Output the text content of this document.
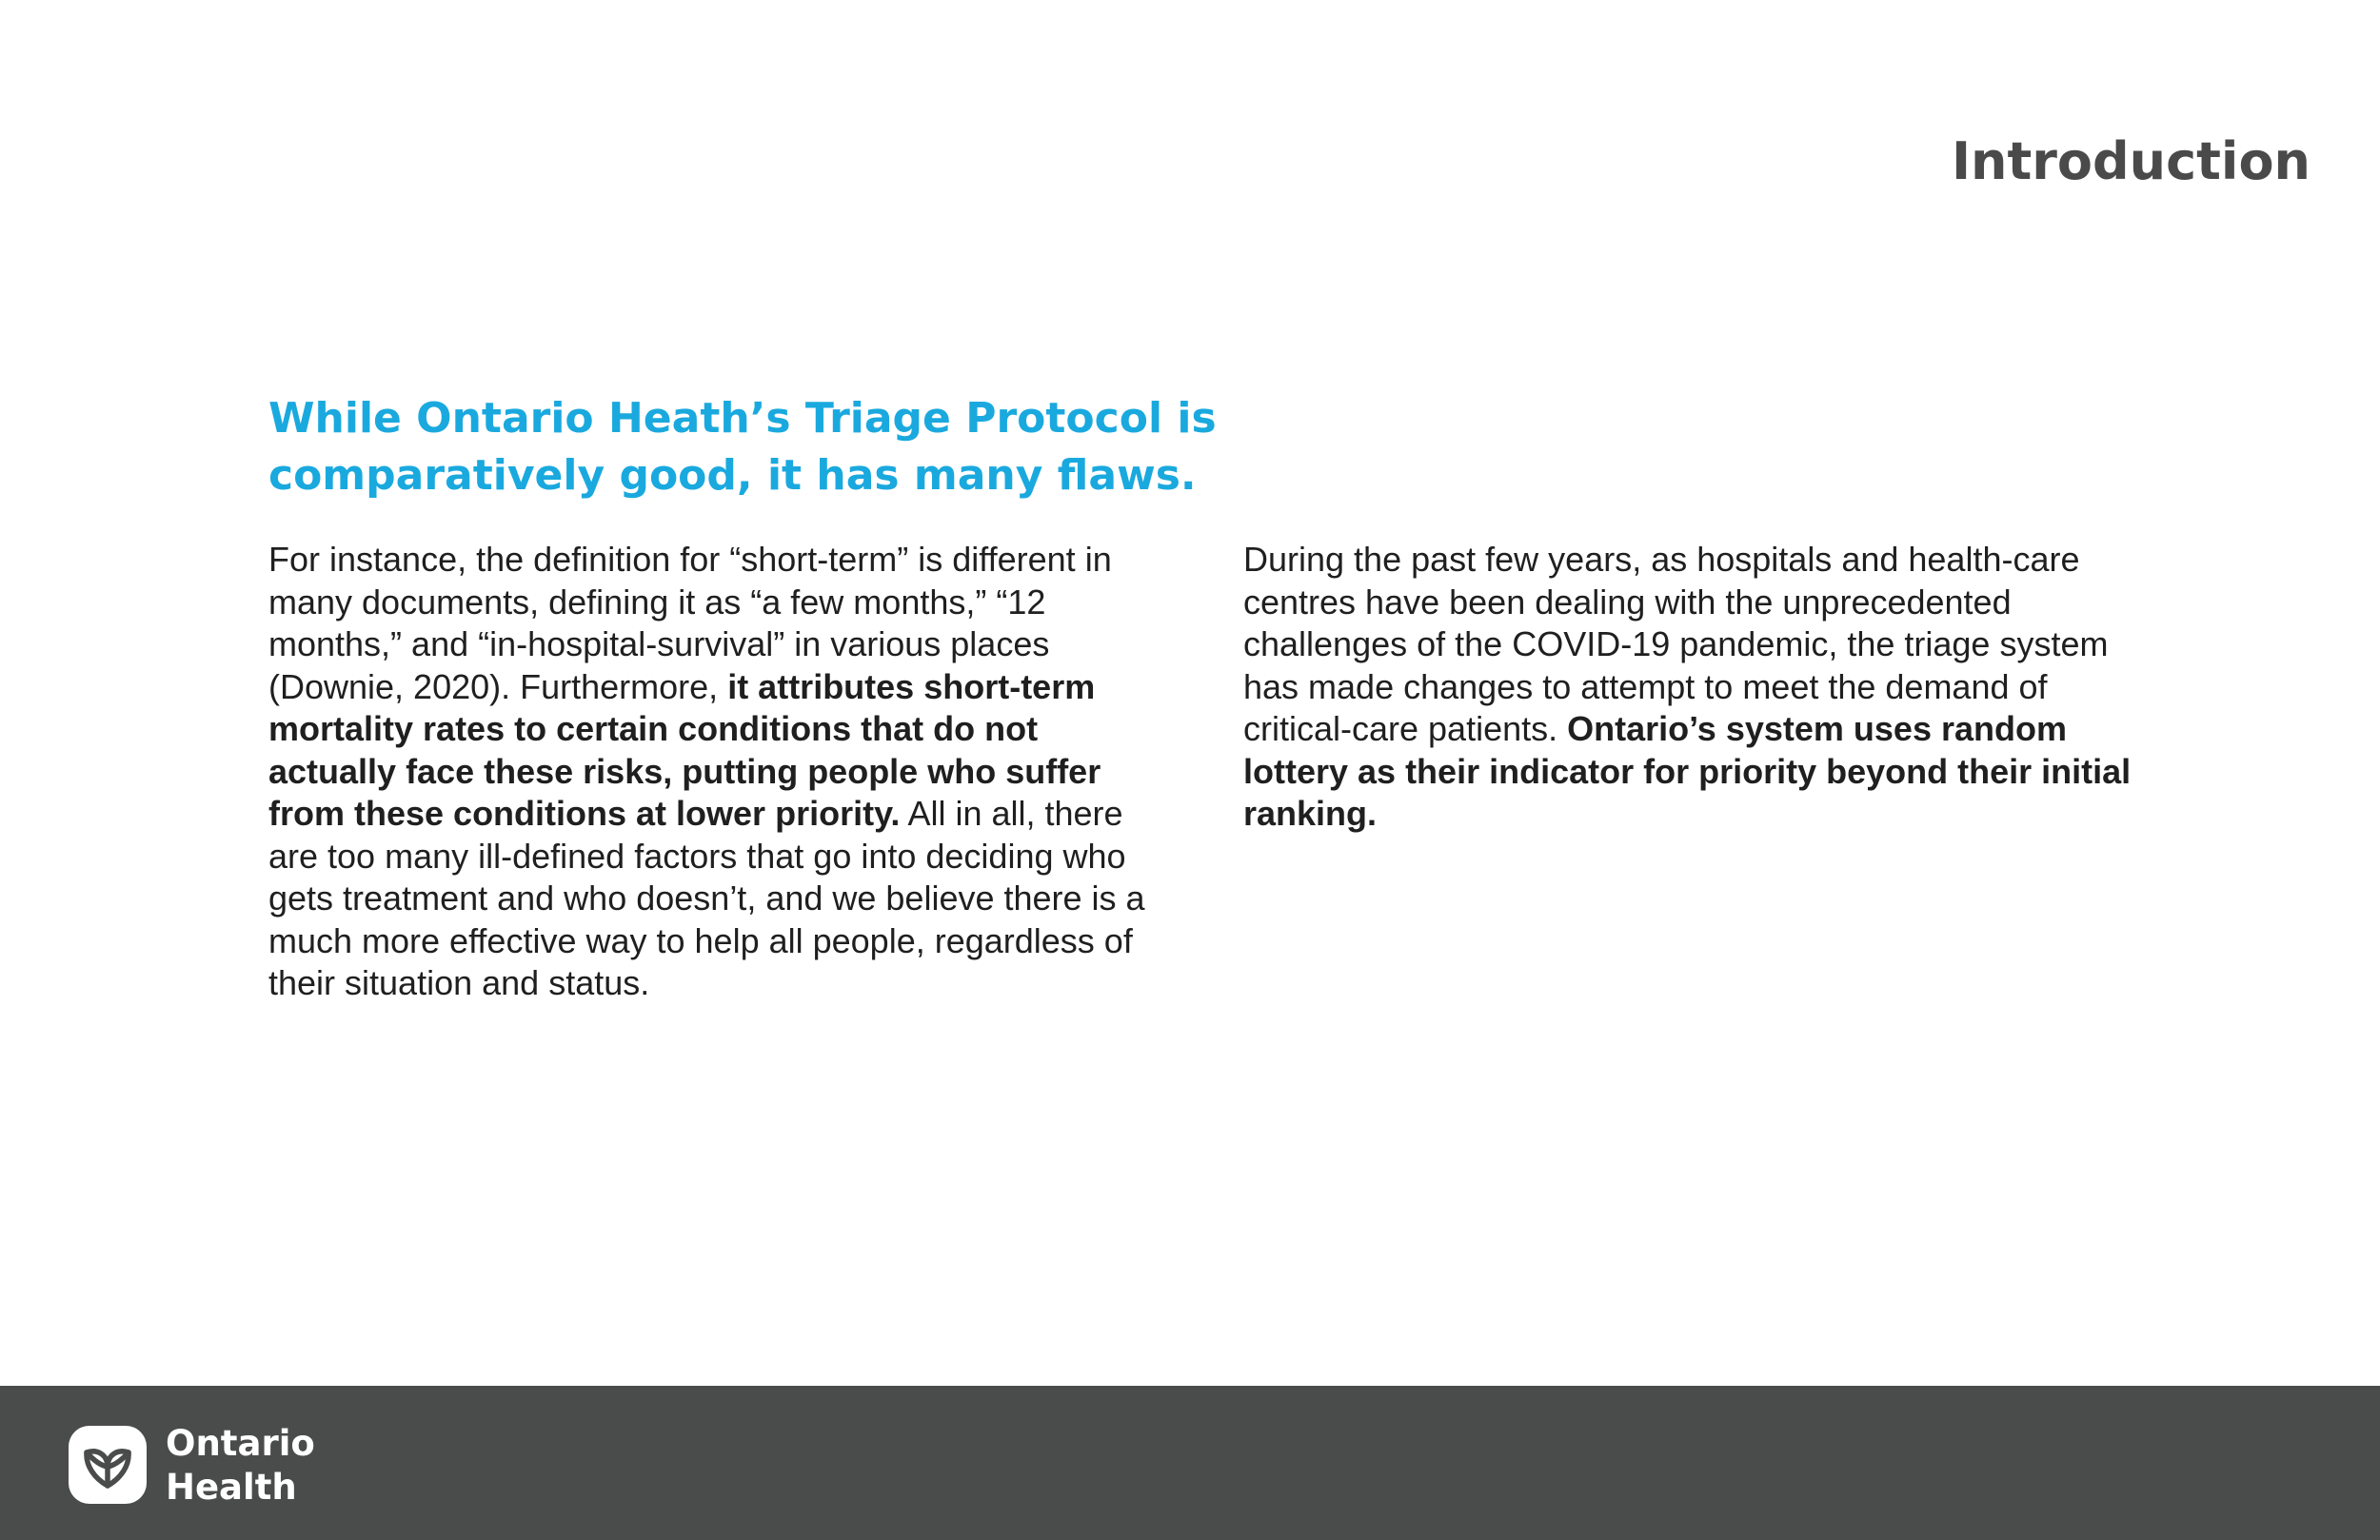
Introduction
While Ontario Heath’s Triage Protocol is comparatively good, it has many flaws.

For instance, the definition for “short-term” is different in many documents, defining it as “a few months,” “12 months,” and “in-hospital-survival” in various places (Downie, 2020). Furthermore, it attributes short-term mortality rates to certain conditions that do not actually face these risks, putting people who suffer from these conditions at lower priority. All in all, there are too many ill-defined factors that go into deciding who gets treatment and who doesn’t, and we believe there is a much more effective way to help all people, regardless of their situation and status.

During the past few years, as hospitals and health-care centres have been dealing with the unprecedented challenges of the COVID-19 pandemic, the triage system has made changes to attempt to meet the demand of critical-care patients. Ontario’s system uses random lottery as their indicator for priority beyond their initial ranking.

Ontario
Health
